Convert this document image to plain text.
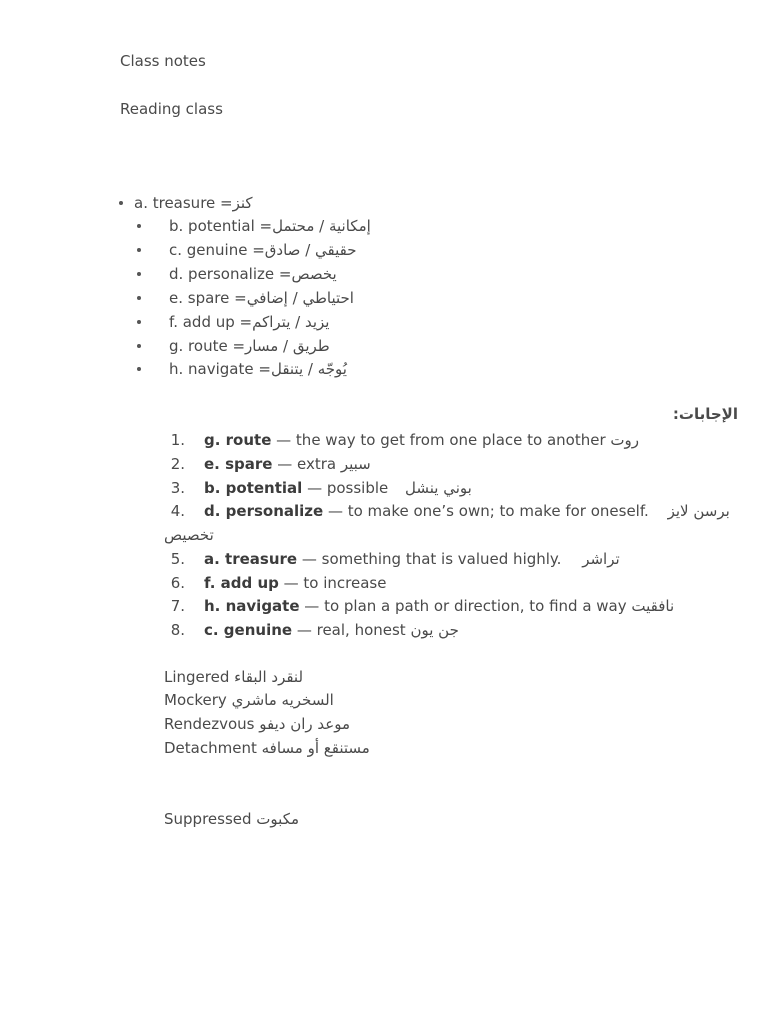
Class notes
Reading class
a. treasure = كنز
b. potential = إمكانية / محتمل
c. genuine = حقيقي / صادق
d. personalize = يخصص
e. spare = احتياطي / إضافي
f. add up = يزيد / يتراكم
g. route = طريق / مسار
h. navigate = يُوجّه / يتنقل
الإجابات:
1. g. route — the way to get from one place to another روت
2. e. spare — extra سبير
3. b. potential — possible بوني ينشل
4. d. personalize — to make one’s own; to make for oneself. برسن لايز
تخصيص
5. a. treasure — something that is valued highly. تراشر
6. f. add up — to increase
7. h. navigate — to plan a path or direction, to find a way نافقيت
8. c. genuine — real, honest جن يون
Lingered لنقرد البقاء
Mockery السخريه ماشري
Rendezvous موعد ران ديفو
Detachment مستنقع أو مسافه
Suppressed مكبوت
